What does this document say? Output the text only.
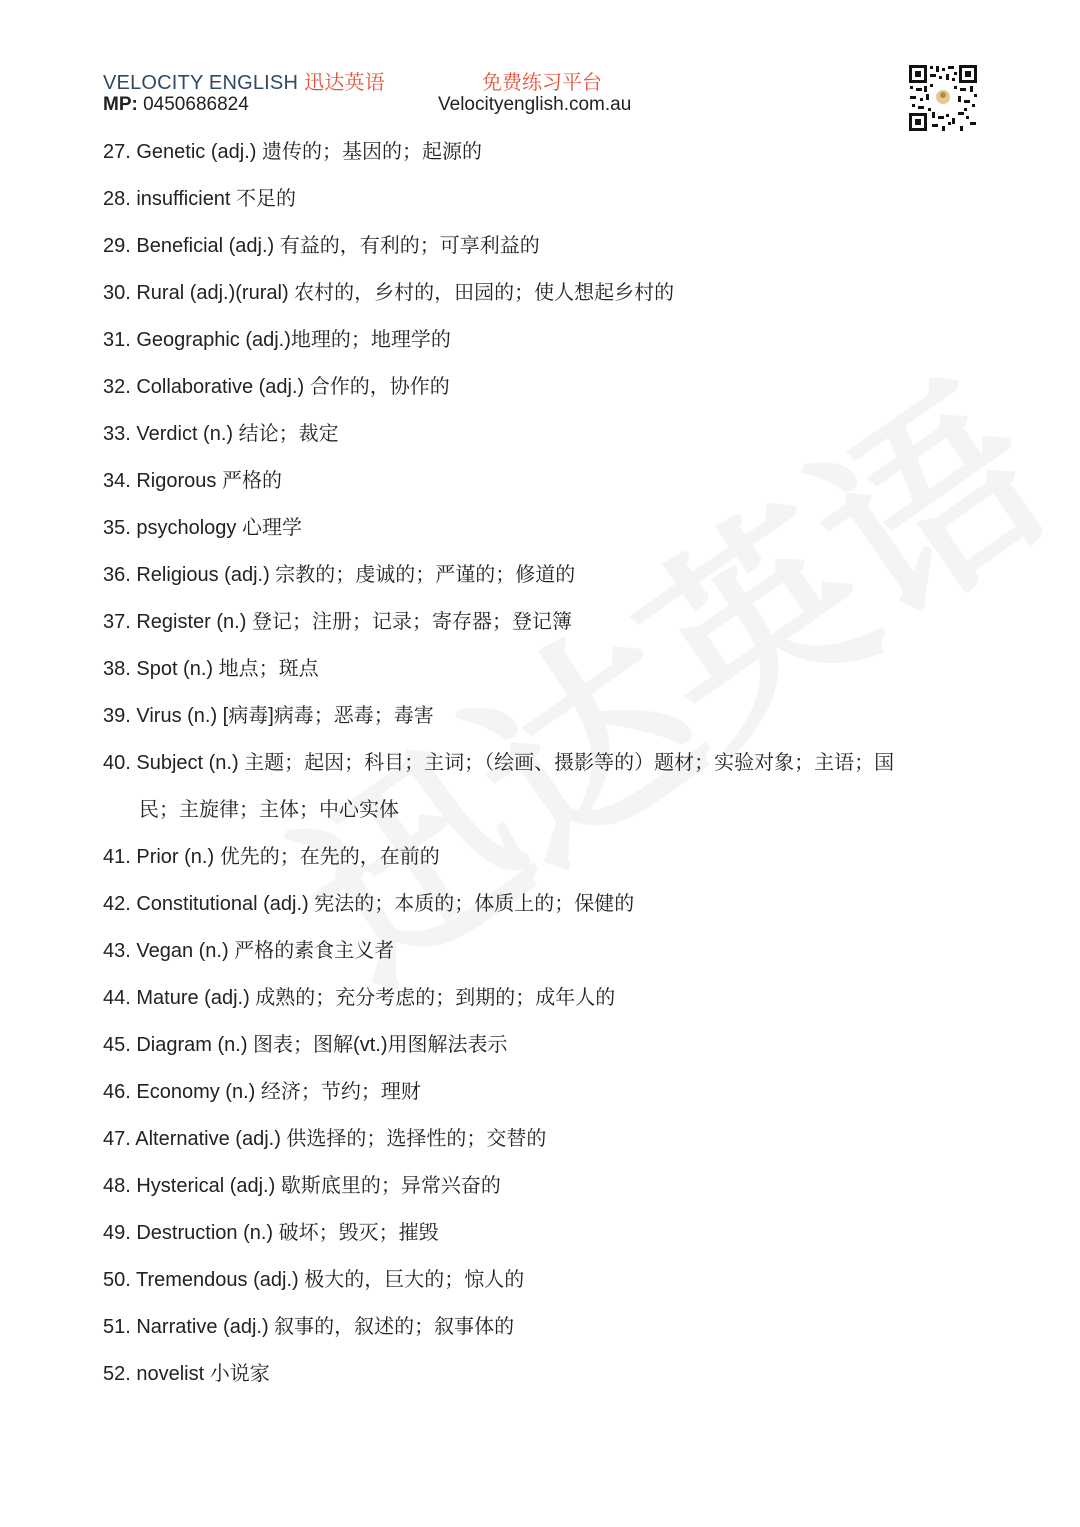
VELOCITY ENGLISH 迅达英语
MP: 0450686824
免费练习平台
Velocityenglish.com.au
27. Genetic (adj.) 遗传的；基因的；起源的
28. insufficient 不足的
29. Beneficial (adj.) 有益的，有利的；可享利益的
30. Rural (adj.)(rural) 农村的，乡村的，田园的；使人想起乡村的
31. Geographic (adj.)地理的；地理学的
32. Collaborative (adj.) 合作的，协作的
33. Verdict (n.) 结论；裁定
34. Rigorous 严格的
35. psychology 心理学
36. Religious (adj.) 宗教的；虔诚的；严谨的；修道的
37. Register (n.) 登记；注册；记录；寄存器；登记簿
38. Spot (n.) 地点；斑点
39. Virus (n.) [病毒]病毒；恶毒；毒害
40. Subject (n.) 主题；起因；科目；主词；（绘画、摄影等的）题材；实验对象；主语；国
民；主旋律；主体；中心实体
41. Prior (n.) 优先的；在先的，在前的
42. Constitutional (adj.) 宪法的；本质的；体质上的；保健的
43. Vegan (n.) 严格的素食主义者
44. Mature (adj.) 成熟的；充分考虑的；到期的；成年人的
45. Diagram (n.) 图表；图解(vt.)用图解法表示
46. Economy (n.) 经济；节约；理财
47. Alternative (adj.) 供选择的；选择性的；交替的
48. Hysterical (adj.) 歇斯底里的；异常兴奋的
49. Destruction (n.) 破坏；毁灭；摧毁
50. Tremendous (adj.) 极大的，巨大的；惊人的
51. Narrative (adj.) 叙事的，叙述的；叙事体的
52. novelist 小说家
